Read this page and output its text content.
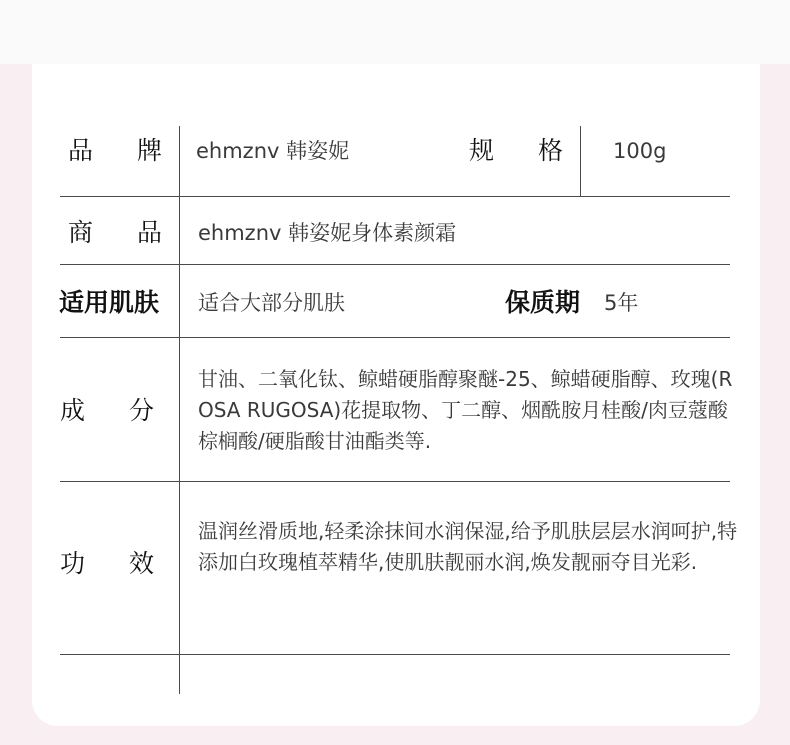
品 牌 ehmznv 韩姿妮	规 格 100g
商 品 ehmznv 韩姿妮身体素颜霜
适用肌肤 适合大部分肌肤	保质期 5年
成 分
甘油、二氧化钛、鲸蜡硬脂醇聚醚-25、鲸蜡硬脂醇、玫瑰(ROSA RUGOSA)花提取物、丁二醇、烟酰胺月桂酸/肉豆蔻酸棕榈酸/硬脂酸甘油酯类等.
功 效
温润丝滑质地,轻柔涂抹间水润保湿,给予肌肤层层水润呵护,特添加白玫瑰植萃精华,使肌肤靓丽水润,焕发靓丽夺目光彩.
